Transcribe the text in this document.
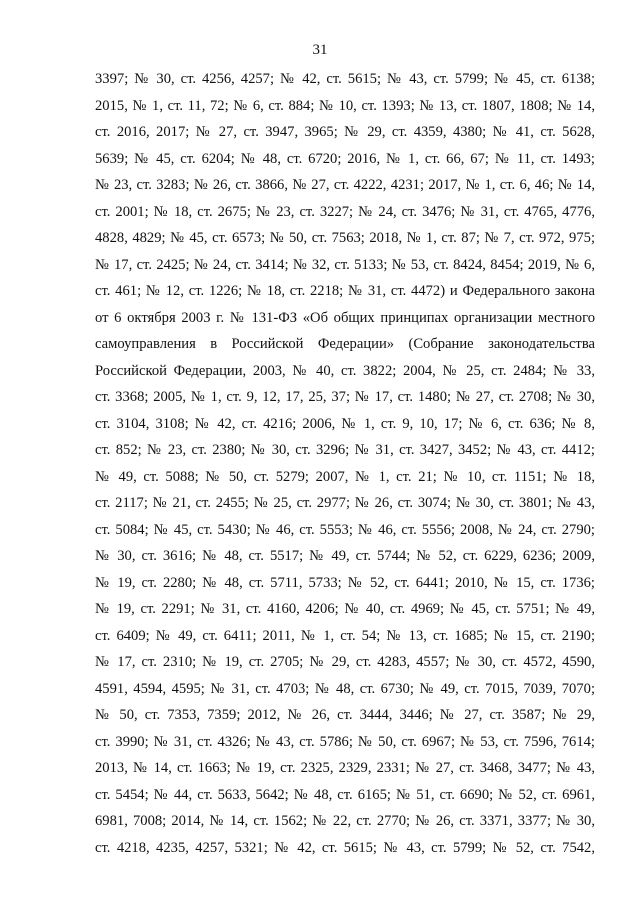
31
3397; № 30, ст. 4256, 4257; № 42, ст. 5615; № 43, ст. 5799; № 45, ст. 6138;
2015, № 1, ст. 11, 72; № 6, ст. 884; № 10, ст. 1393; № 13, ст. 1807, 1808; № 14,
ст. 2016, 2017; № 27, ст. 3947, 3965; № 29, ст. 4359, 4380; № 41, ст. 5628,
5639; № 45, ст. 6204; № 48, ст. 6720; 2016, № 1, ст. 66, 67; № 11, ст. 1493;
№ 23, ст. 3283; № 26, ст. 3866, № 27, ст. 4222, 4231; 2017, № 1, ст. 6, 46; № 14,
ст. 2001; № 18, ст. 2675; № 23, ст. 3227; № 24, ст. 3476; № 31, ст. 4765, 4776,
4828, 4829; № 45, ст. 6573; № 50, ст. 7563; 2018, № 1, ст. 87; № 7, ст. 972, 975;
№ 17, ст. 2425; № 24, ст. 3414; № 32, ст. 5133; № 53, ст. 8424, 8454; 2019, № 6,
ст. 461; № 12, ст. 1226; № 18, ст. 2218; № 31, ст. 4472) и Федерального закона
от 6 октября 2003 г. № 131-ФЗ «Об общих принципах организации местного
самоуправления в Российской Федерации» (Собрание законодательства
Российской Федерации, 2003, № 40, ст. 3822; 2004, № 25, ст. 2484; № 33,
ст. 3368; 2005, № 1, ст. 9, 12, 17, 25, 37; № 17, ст. 1480; № 27, ст. 2708; № 30,
ст. 3104, 3108; № 42, ст. 4216; 2006, № 1, ст. 9, 10, 17; № 6, ст. 636; № 8,
ст. 852; № 23, ст. 2380; № 30, ст. 3296; № 31, ст. 3427, 3452; № 43, ст. 4412;
№ 49, ст. 5088; № 50, ст. 5279; 2007, № 1, ст. 21; № 10, ст. 1151; № 18,
ст. 2117; № 21, ст. 2455; № 25, ст. 2977; № 26, ст. 3074; № 30, ст. 3801; № 43,
ст. 5084; № 45, ст. 5430; № 46, ст. 5553; № 46, ст. 5556; 2008, № 24, ст. 2790;
№ 30, ст. 3616; № 48, ст. 5517; № 49, ст. 5744; № 52, ст. 6229, 6236; 2009,
№ 19, ст. 2280; № 48, ст. 5711, 5733; № 52, ст. 6441; 2010, № 15, ст. 1736;
№ 19, ст. 2291; № 31, ст. 4160, 4206; № 40, ст. 4969; № 45, ст. 5751; № 49,
ст. 6409; № 49, ст. 6411; 2011, № 1, ст. 54; № 13, ст. 1685; № 15, ст. 2190;
№ 17, ст. 2310; № 19, ст. 2705; № 29, ст. 4283, 4557; № 30, ст. 4572, 4590,
4591, 4594, 4595; № 31, ст. 4703; № 48, ст. 6730; № 49, ст. 7015, 7039, 7070;
№ 50, ст. 7353, 7359; 2012, № 26, ст. 3444, 3446; № 27, ст. 3587; № 29,
ст. 3990; № 31, ст. 4326; № 43, ст. 5786; № 50, ст. 6967; № 53, ст. 7596, 7614;
2013, № 14, ст. 1663; № 19, ст. 2325, 2329, 2331; № 27, ст. 3468, 3477; № 43,
ст. 5454; № 44, ст. 5633, 5642; № 48, ст. 6165; № 51, ст. 6690; № 52, ст. 6961,
6981, 7008; 2014, № 14, ст. 1562; № 22, ст. 2770; № 26, ст. 3371, 3377; № 30,
ст. 4218, 4235, 4257, 5321; № 42, ст. 5615; № 43, ст. 5799; № 52, ст. 7542,
